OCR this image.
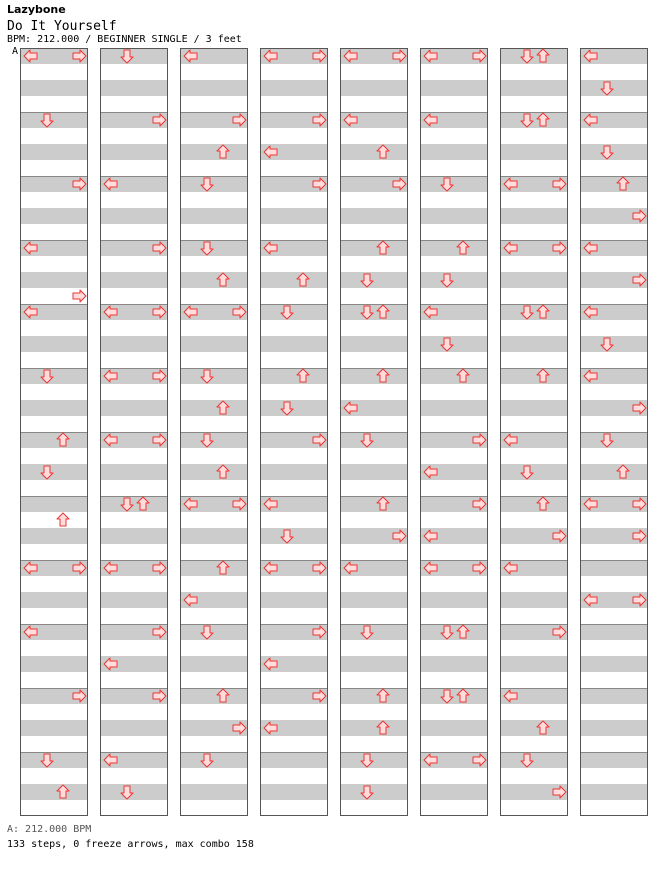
Lazybone
Do It Yourself
BPM: 212.000 / BEGINNER SINGLE / 3 feet
A
A: 212.000 BPM
133 steps, 0 freeze arrows, max combo 158
